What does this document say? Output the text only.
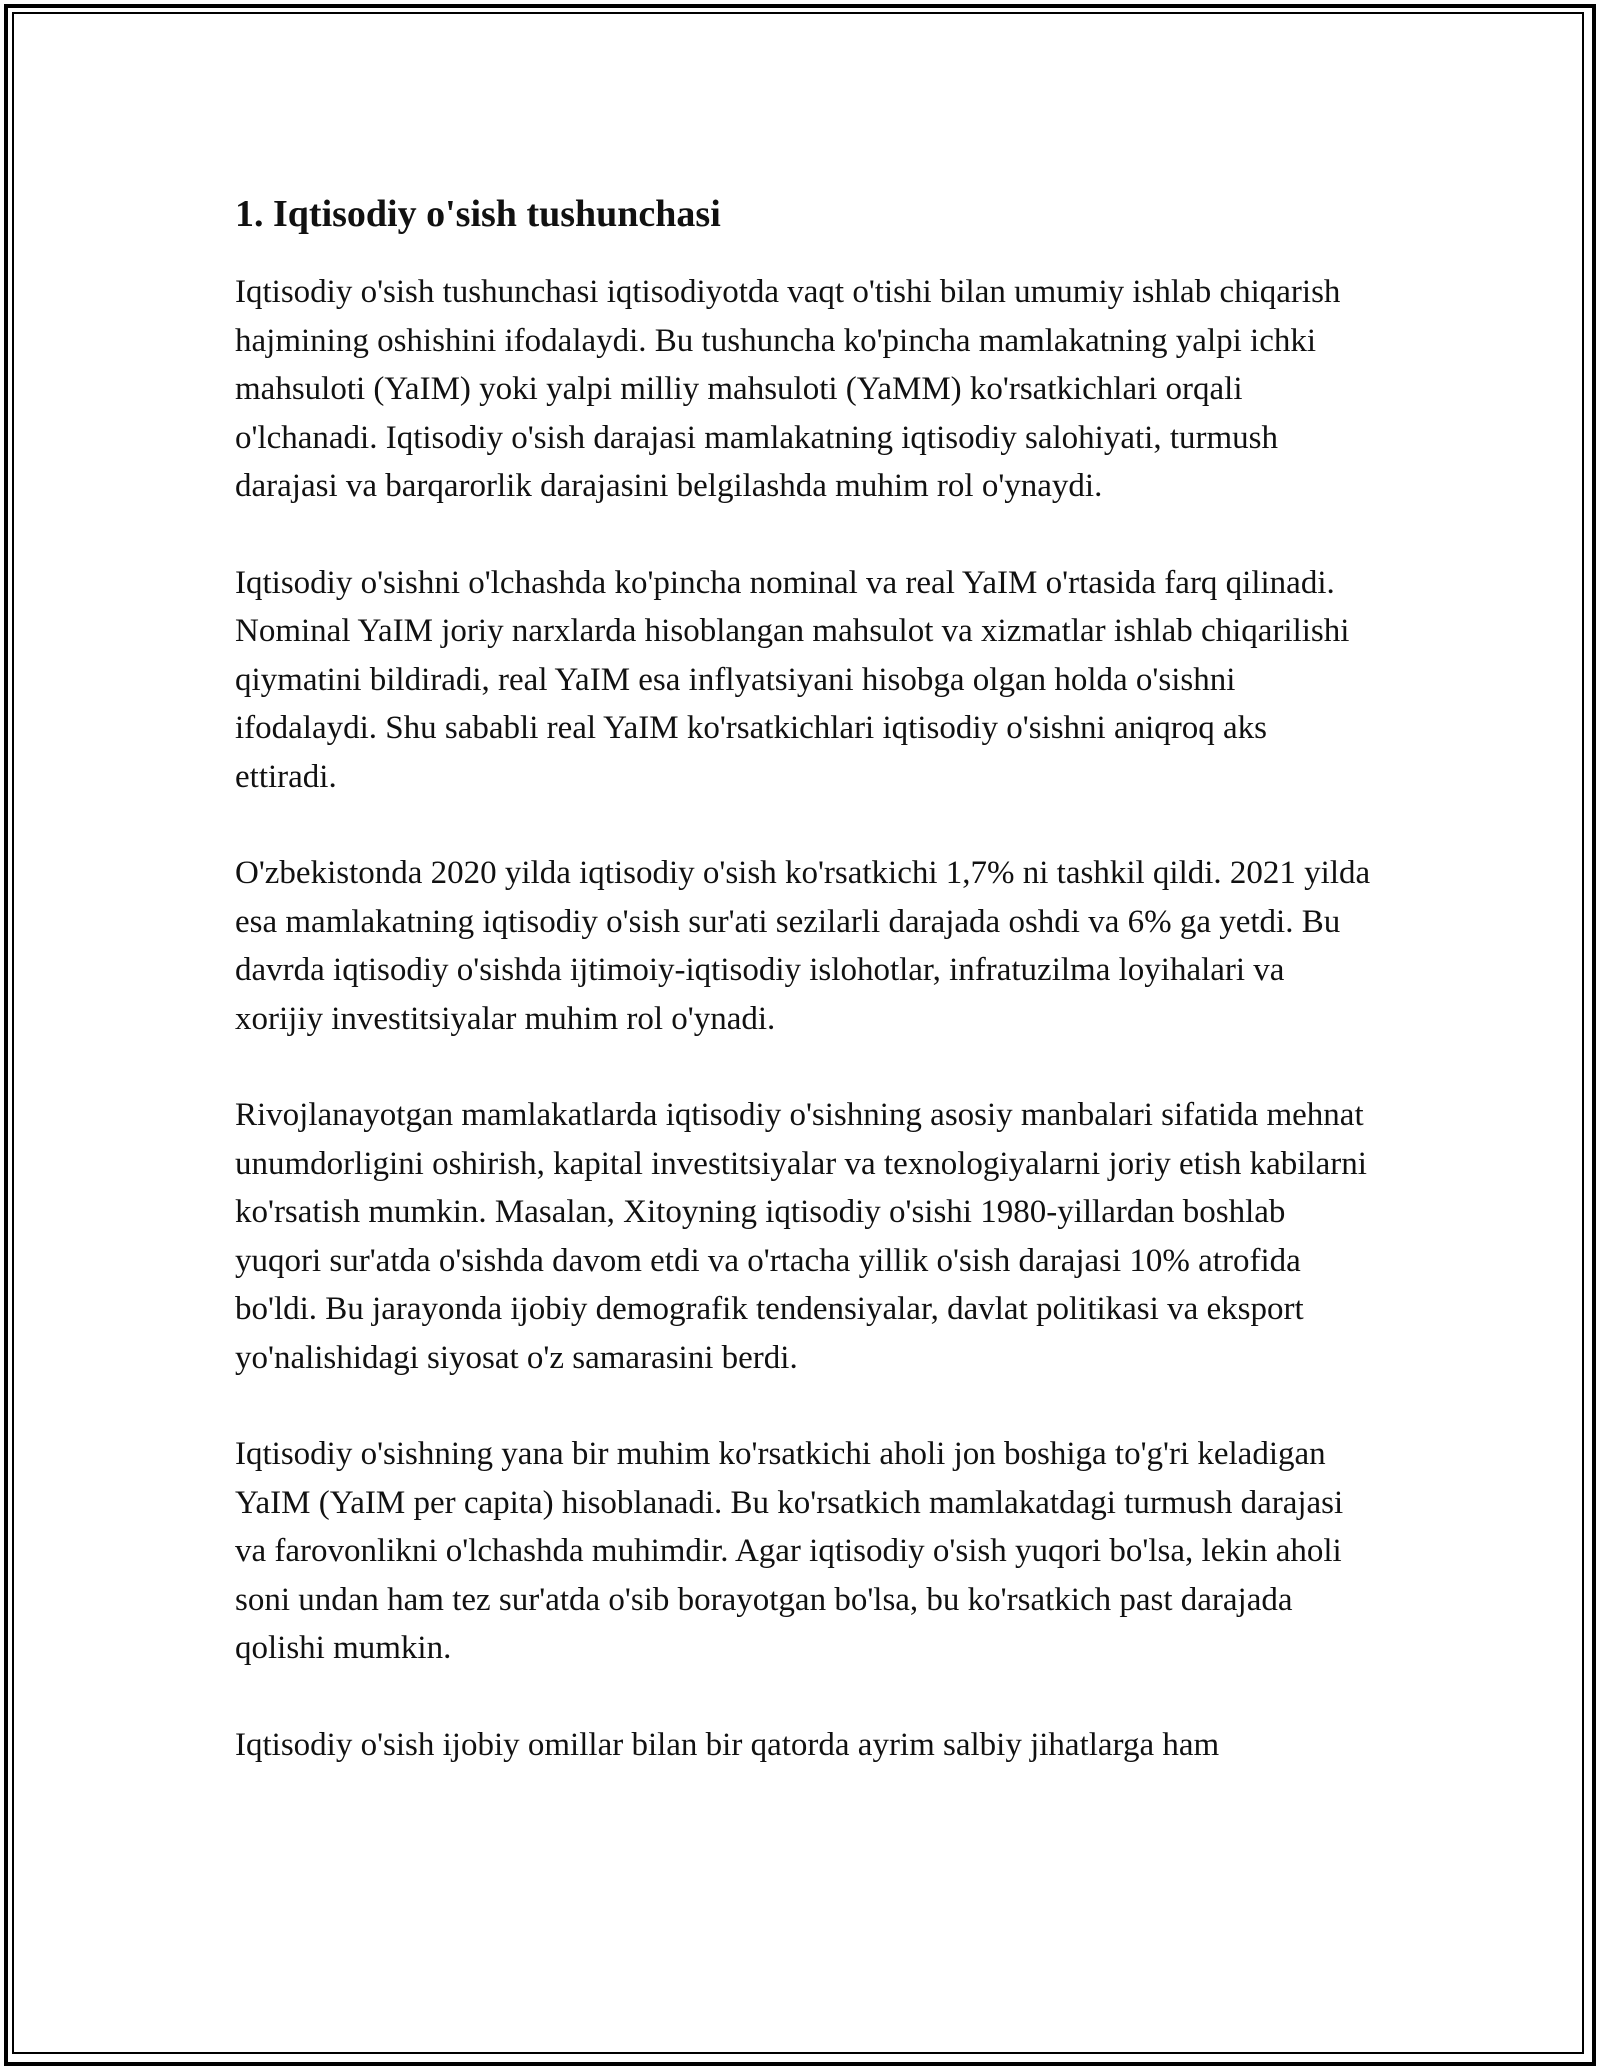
1. Iqtisodiy o'sish tushunchasi

Iqtisodiy o'sish tushunchasi iqtisodiyotda vaqt o'tishi bilan umumiy ishlab chiqarish hajmining oshishini ifodalaydi. Bu tushuncha ko'pincha mamlakatning yalpi ichki mahsuloti (YaIM) yoki yalpi milliy mahsuloti (YaMM) ko'rsatkichlari orqali o'lchanadi. Iqtisodiy o'sish darajasi mamlakatning iqtisodiy salohiyati, turmush darajasi va barqarorlik darajasini belgilashda muhim rol o'ynaydi.

Iqtisodiy o'sishni o'lchashda ko'pincha nominal va real YaIM o'rtasida farq qilinadi. Nominal YaIM joriy narxlarda hisoblangan mahsulot va xizmatlar ishlab chiqarilishi qiymatini bildiradi, real YaIM esa inflyatsiyani hisobga olgan holda o'sishni ifodalaydi. Shu sababli real YaIM ko'rsatkichlari iqtisodiy o'sishni aniqroq aks ettiradi.

O'zbekistonda 2020 yilda iqtisodiy o'sish ko'rsatkichi 1,7% ni tashkil qildi. 2021 yilda esa mamlakatning iqtisodiy o'sish sur'ati sezilarli darajada oshdi va 6% ga yetdi. Bu davrda iqtisodiy o'sishda ijtimoiy-iqtisodiy islohotlar, infratuzilma loyihalari va xorijiy investitsiyalar muhim rol o'ynadi.

Rivojlanayotgan mamlakatlarda iqtisodiy o'sishning asosiy manbalari sifatida mehnat unumdorligini oshirish, kapital investitsiyalar va texnologiyalarni joriy etish kabilarni ko'rsatish mumkin. Masalan, Xitoyning iqtisodiy o'sishi 1980-yillardan boshlab yuqori sur'atda o'sishda davom etdi va o'rtacha yillik o'sish darajasi 10% atrofida bo'ldi. Bu jarayonda ijobiy demografik tendensiyalar, davlat politikasi va eksport yo'nalishidagi siyosat o'z samarasini berdi.

Iqtisodiy o'sishning yana bir muhim ko'rsatkichi aholi jon boshiga to'g'ri keladigan YaIM (YaIM per capita) hisoblanadi. Bu ko'rsatkich mamlakatdagi turmush darajasi va farovonlikni o'lchashda muhimdir. Agar iqtisodiy o'sish yuqori bo'lsa, lekin aholi soni undan ham tez sur'atda o'sib borayotgan bo'lsa, bu ko'rsatkich past darajada qolishi mumkin.

Iqtisodiy o'sish ijobiy omillar bilan bir qatorda ayrim salbiy jihatlarga ham
